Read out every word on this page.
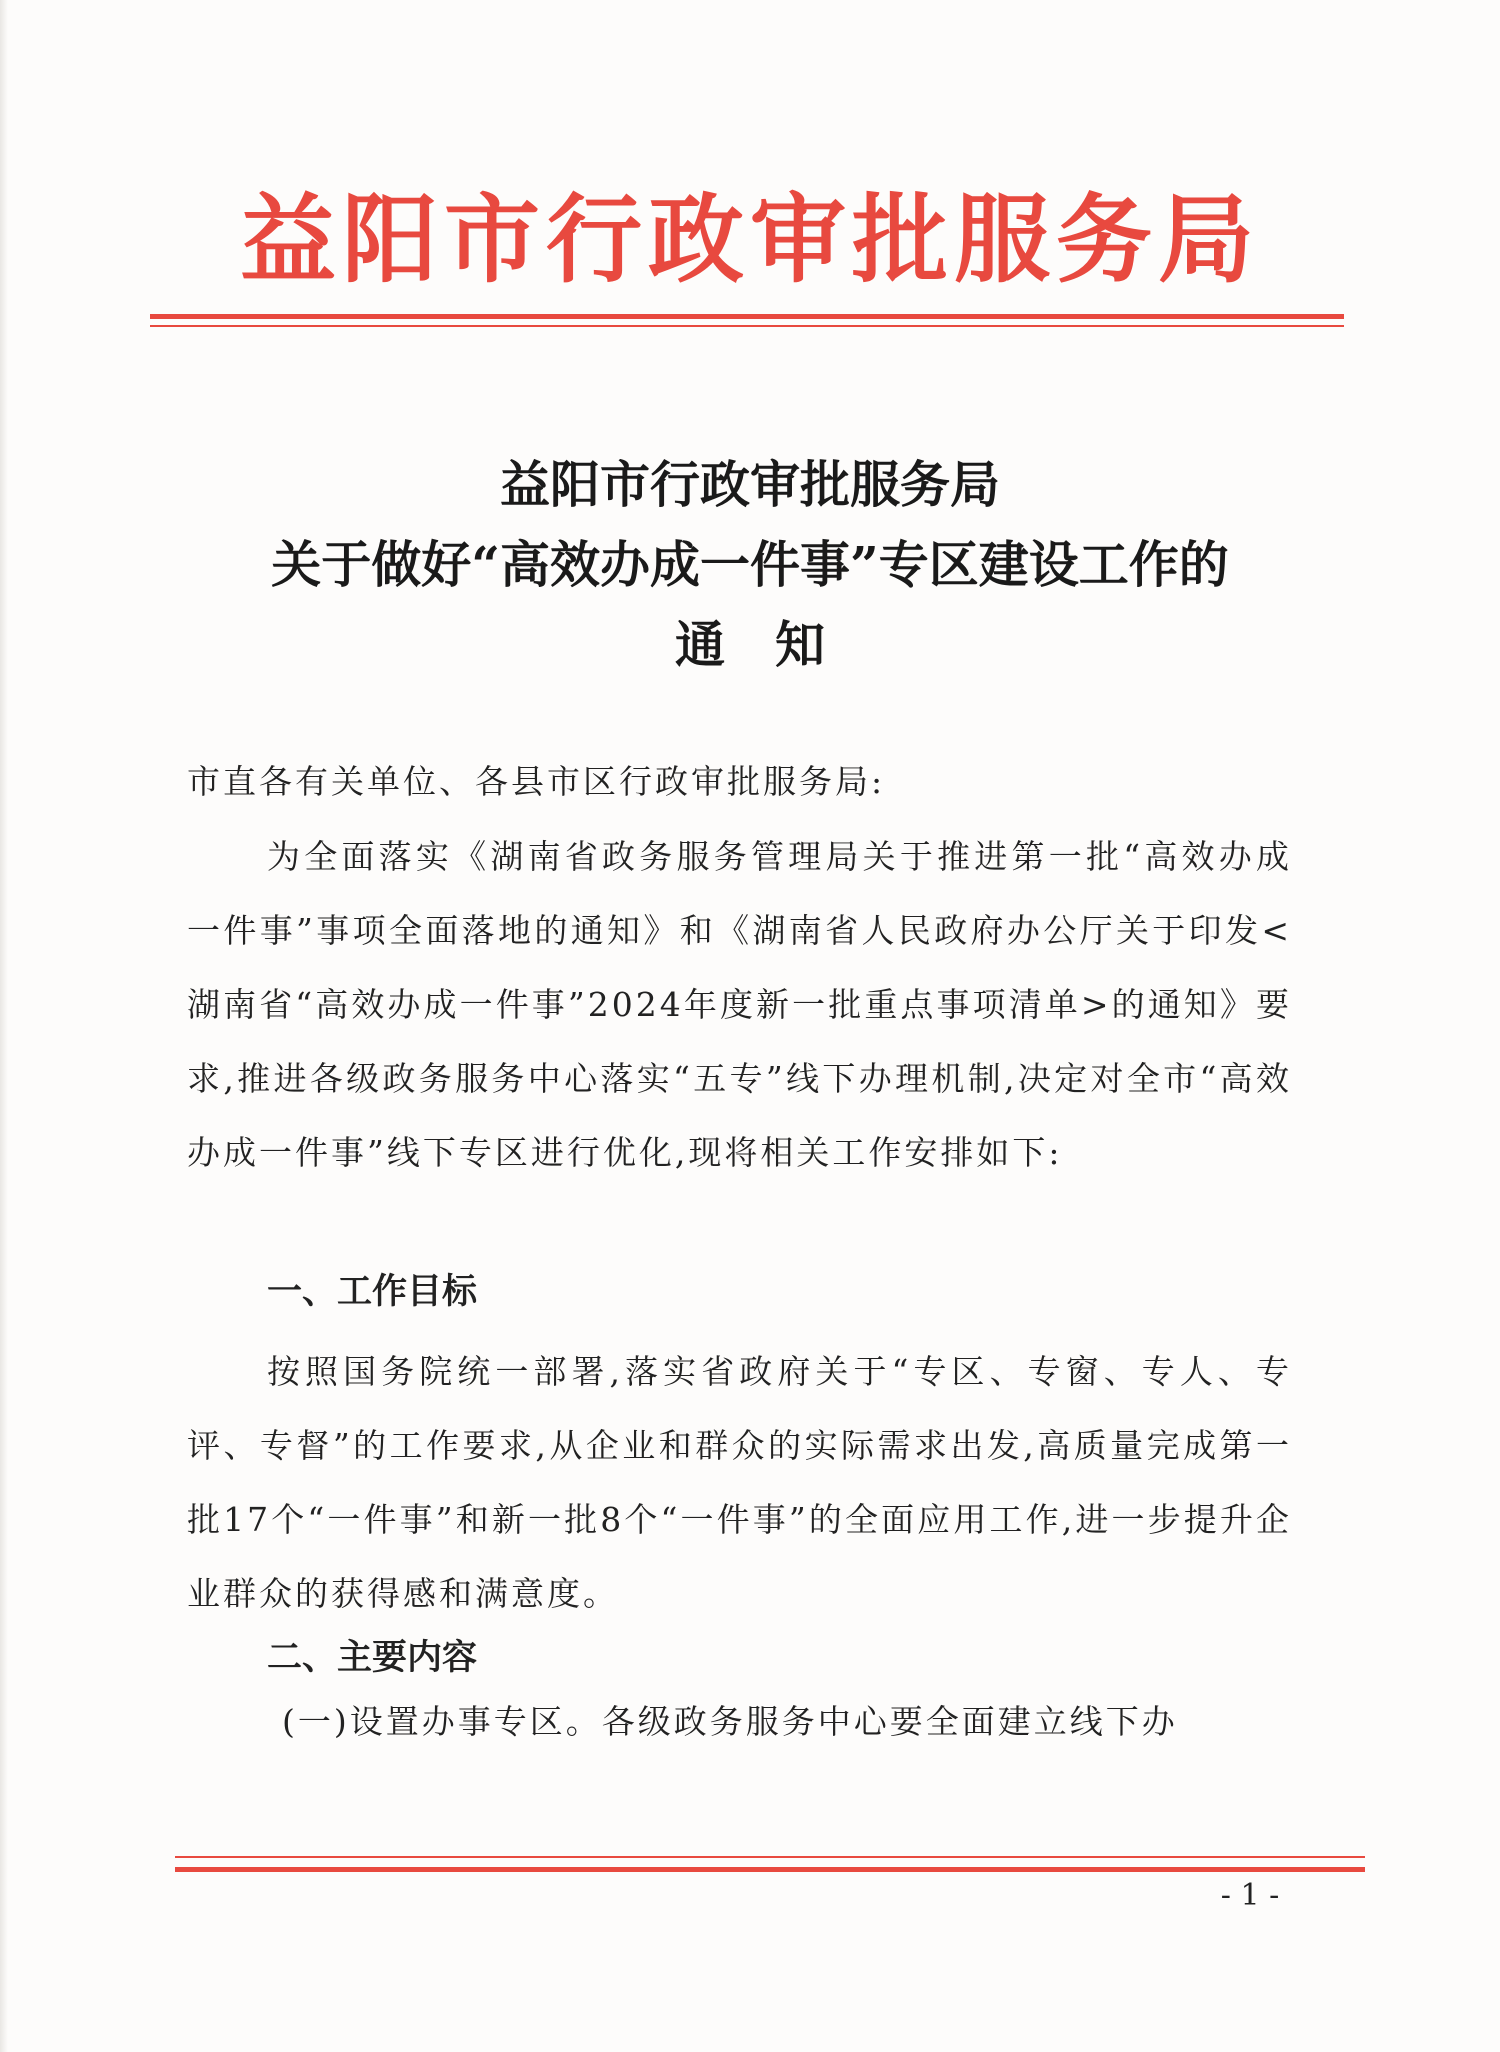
益阳市行政审批服务局
益阳市行政审批服务局
关于做好“高效办成一件事”专区建设工作的
通　知
市直各有关单位、各县市区行政审批服务局:
为全面落实《湖南省政务服务管理局关于推进第一批“高效办成一件事”事项全面落地的通知》和《湖南省人民政府办公厅关于印发<湖南省“高效办成一件事”2024年度新一批重点事项清单>的通知》要求,推进各级政务服务中心落实“五专”线下办理机制,决定对全市“高效办成一件事”线下专区进行优化,现将相关工作安排如下:
一、工作目标
按照国务院统一部署,落实省政府关于“专区、专窗、专人、专评、专督”的工作要求,从企业和群众的实际需求出发,高质量完成第一批17个“一件事”和新一批8个“一件事”的全面应用工作,进一步提升企业群众的获得感和满意度。
二、主要内容
(一)设置办事专区。各级政务服务中心要全面建立线下办
- 1 -
